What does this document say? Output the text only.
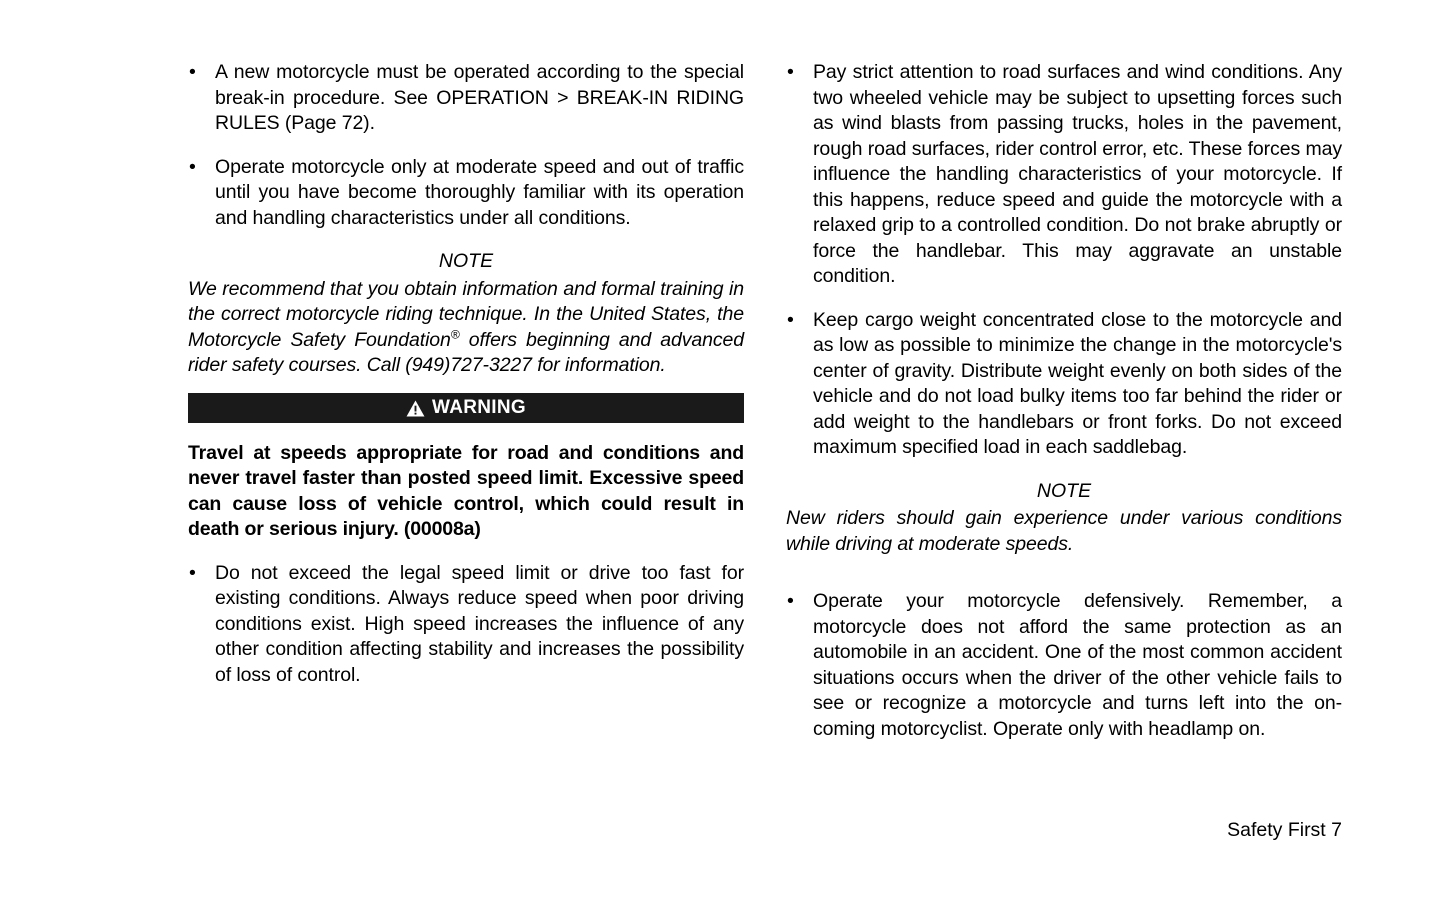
• A new motorcycle must be operated according to the special break-in procedure. See OPERATION > BREAK-IN RIDING RULES (Page 72).
• Operate motorcycle only at moderate speed and out of traffic until you have become thoroughly familiar with its operation and handling characteristics under all conditions.
NOTE
We recommend that you obtain information and formal training in the correct motorcycle riding technique. In the United States, the Motorcycle Safety Foundation® offers beginning and advanced rider safety courses. Call (949)727-3227 for information.
WARNING
Travel at speeds appropriate for road and conditions and never travel faster than posted speed limit. Excessive speed can cause loss of vehicle control, which could result in death or serious injury. (00008a)
• Do not exceed the legal speed limit or drive too fast for existing conditions. Always reduce speed when poor driving conditions exist. High speed increases the influence of any other condition affecting stability and increases the possibility of loss of control.
• Pay strict attention to road surfaces and wind conditions. Any two wheeled vehicle may be subject to upsetting forces such as wind blasts from passing trucks, holes in the pavement, rough road surfaces, rider control error, etc. These forces may influence the handling characteristics of your motorcycle. If this happens, reduce speed and guide the motorcycle with a relaxed grip to a controlled condition. Do not brake abruptly or force the handlebar. This may aggravate an unstable condition.
• Keep cargo weight concentrated close to the motorcycle and as low as possible to minimize the change in the motorcycle's center of gravity. Distribute weight evenly on both sides of the vehicle and do not load bulky items too far behind the rider or add weight to the handlebars or front forks. Do not exceed maximum specified load in each saddlebag.
NOTE
New riders should gain experience under various conditions while driving at moderate speeds.
• Operate your motorcycle defensively. Remember, a motorcycle does not afford the same protection as an automobile in an accident. One of the most common accident situations occurs when the driver of the other vehicle fails to see or recognize a motorcycle and turns left into the on-coming motorcyclist. Operate only with headlamp on.
Safety First 7
